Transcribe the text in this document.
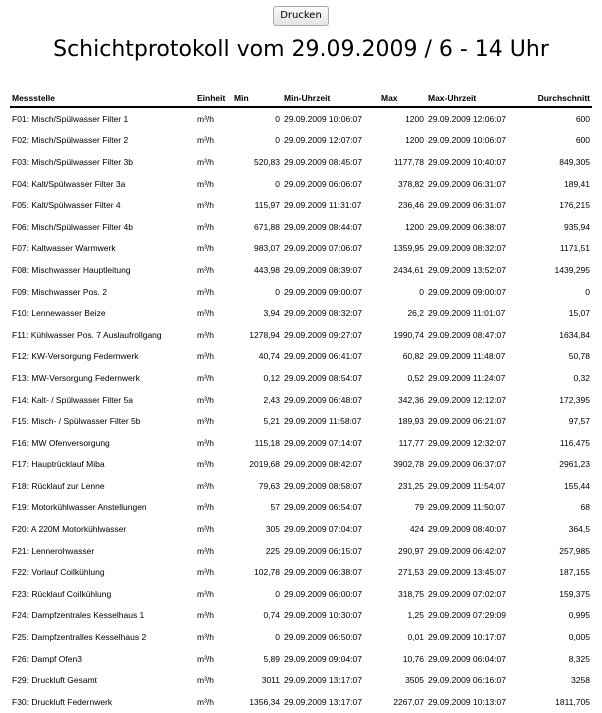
Drucken
Schichtprotokoll vom 29.09.2009 / 6 - 14 Uhr
Messstelle	Einheit	Min	Min-Uhrzeit	Max	Max-Uhrzeit	Durchschnitt
F01: Misch/Spülwasser Filter 1	m³/h	0	29.09.2009 10:06:07	1200	29.09.2009 12:06:07	600
F02: Misch/Spülwasser Filter 2	m³/h	0	29.09.2009 12:07:07	1200	29.09.2009 10:06:07	600
F03: Misch/Spülwasser Filter 3b	m³/h	520,83	29.09.2009 08:45:07	1177,78	29.09.2009 10:40:07	849,305
F04: Kalt/Spülwasser Filter 3a	m³/h	0	29.09.2009 06:06:07	378,82	29.09.2009 06:31:07	189,41
F05: Kalt/Spülwasser Filter 4	m³/h	115,97	29.09.2009 11:31:07	236,46	29.09.2009 06:31:07	176,215
F06: Misch/Spülwasser Filter 4b	m³/h	671,88	29.09.2009 08:44:07	1200	29.09.2009 06:38:07	935,94
F07: Kaltwasser Warmwerk	m³/h	983,07	29.09.2009 07:06:07	1359,95	29.09.2009 08:32:07	1171,51
F08: Mischwasser Hauptleitung	m³/h	443,98	29.09.2009 08:39:07	2434,61	29.09.2009 13:52:07	1439,295
F09: Mischwasser Pos. 2	m³/h	0	29.09.2009 09:00:07	0	29.09.2009 09:00:07	0
F10: Lennewasser Beize	m³/h	3,94	29.09.2009 08:32:07	26,2	29.09.2009 11:01:07	15,07
F11: Kühlwasser Pos. 7 Auslaufrollgang	m³/h	1278,94	29.09.2009 09:27:07	1990,74	29.09.2009 08:47:07	1634,84
F12: KW-Versorgung Federnwerk	m³/h	40,74	29.09.2009 06:41:07	60,82	29.09.2009 11:48:07	50,78
F13: MW-Versorgung Federnwerk	m³/h	0,12	29.09.2009 08:54:07	0,52	29.09.2009 11:24:07	0,32
F14: Kalt- / Spülwasser Filter 5a	m³/h	2,43	29.09.2009 06:48:07	342,36	29.09.2009 12:12:07	172,395
F15: Misch- / Spülwasser Filter 5b	m³/h	5,21	29.09.2009 11:58:07	189,93	29.09.2009 06:21:07	97,57
F16: MW Ofenversorgung	m³/h	115,18	29.09.2009 07:14:07	117,77	29.09.2009 12:32:07	116,475
F17: Hauptrücklauf Miba	m³/h	2019,68	29.09.2009 08:42:07	3902,78	29.09.2009 06:37:07	2961,23
F18: Rücklauf zur Lenne	m³/h	79,63	29.09.2009 08:58:07	231,25	29.09.2009 11:54:07	155,44
F19: Motorkühlwasser Anstellungen	m³/h	57	29.09.2009 06:54:07	79	29.09.2009 11:50:07	68
F20: A 220M Motorkühlwasser	m³/h	305	29.09.2009 07:04:07	424	29.09.2009 08:40:07	364,5
F21: Lennerohwasser	m³/h	225	29.09.2009 06:15:07	290,97	29.09.2009 06:42:07	257,985
F22: Vorlauf Coilkühlung	m³/h	102,78	29.09.2009 06:38:07	271,53	29.09.2009 13:45:07	187,155
F23: Rücklauf Coilkühlung	m³/h	0	29.09.2009 06:00:07	318,75	29.09.2009 07:02:07	159,375
F24: Dampfzentrales Kesselhaus 1	m³/h	0,74	29.09.2009 10:30:07	1,25	29.09.2009 07:29:09	0,995
F25: Dampfzentralles Kesselhaus 2	m³/h	0	29.09.2009 06:50:07	0,01	29.09.2009 10:17:07	0,005
F26: Dampf Ofen3	m³/h	5,89	29.09.2009 09:04:07	10,76	29.09.2009 06:04:07	8,325
F29: Druckluft Gesamt	m³/h	3011	29.09.2009 13:17:07	3505	29.09.2009 06:16:07	3258
F30: Druckluft Federnwerk	m³/h	1356,34	29.09.2009 13:17:07	2267,07	29.09.2009 10:13:07	1811,705
